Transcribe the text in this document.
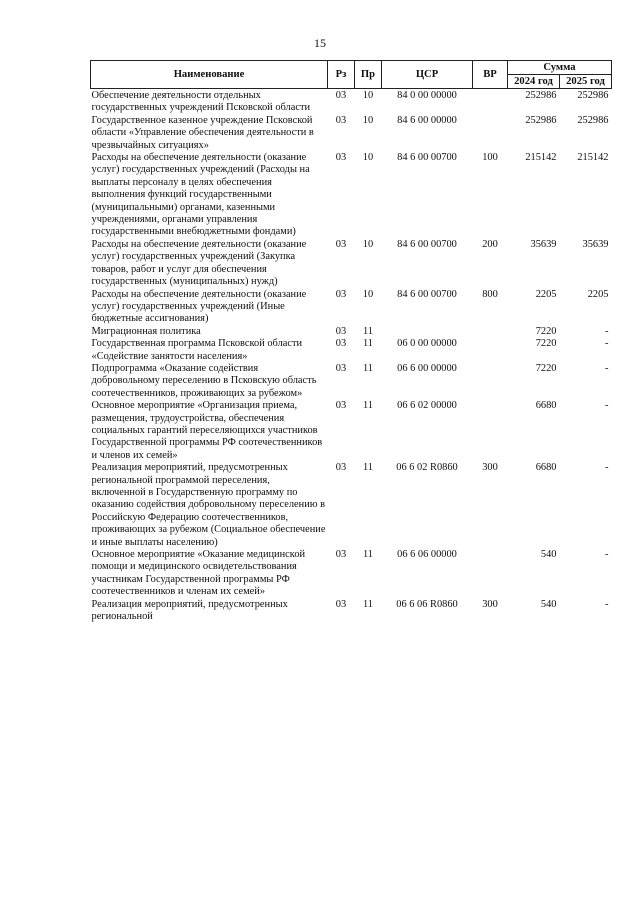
15
Наименование	Рз	Пр	ЦСР	ВР	Сумма	
					2024 год	2025 год
Обеспечение деятельности отдельных государственных учреждений Псковской области	03	10	84 0 00 00000		252986	252986
Государственное казенное учреждение Псковской области «Управление обеспечения деятельности в чрезвычайных ситуациях»	03	10	84 6 00 00000		252986	252986
Расходы на обеспечение деятельности (оказание услуг) государственных учреждений (Расходы на выплаты персоналу в целях обеспечения выполнения функций государственными (муниципальными) органами, казенными учреждениями, органами управления государственными внебюджетными фондами)	03	10	84 6 00 00700	100	215142	215142
Расходы на обеспечение деятельности (оказание услуг) государственных учреждений (Закупка товаров, работ и услуг для обеспечения государственных (муниципальных) нужд)	03	10	84 6 00 00700	200	35639	35639
Расходы на обеспечение деятельности (оказание услуг) государственных учреждений (Иные бюджетные ассигнования)	03	10	84 6 00 00700	800	2205	2205
Миграционная политика	03	11			7220	-
Государственная программа Псковской области «Содействие занятости населения»	03	11	06 0 00 00000		7220	-
Подпрограмма «Оказание содействия добровольному переселению в Псковскую область соотечественников, проживающих за рубежом»	03	11	06 6 00 00000		7220	-
Основное мероприятие «Организация приема, размещения, трудоустройства, обеспечения социальных гарантий переселяющихся участников Государственной программы РФ соотечественников и членов их семей»	03	11	06 6 02 00000		6680	-
Реализация мероприятий, предусмотренных региональной программой переселения, включенной в Государственную программу по оказанию содействия добровольному переселению в Российскую Федерацию соотечественников, проживающих за рубежом (Социальное обеспечение и иные выплаты населению)	03	11	06 6 02 R0860	300	6680	-
Основное мероприятие «Оказание медицинской помощи и медицинского освидетельствования участникам Государственной программы РФ соотечественников и членам их семей»	03	11	06 6 06 00000		540	-
Реализация мероприятий, предусмотренных региональной	03	11	06 6 06 R0860	300	540	-
